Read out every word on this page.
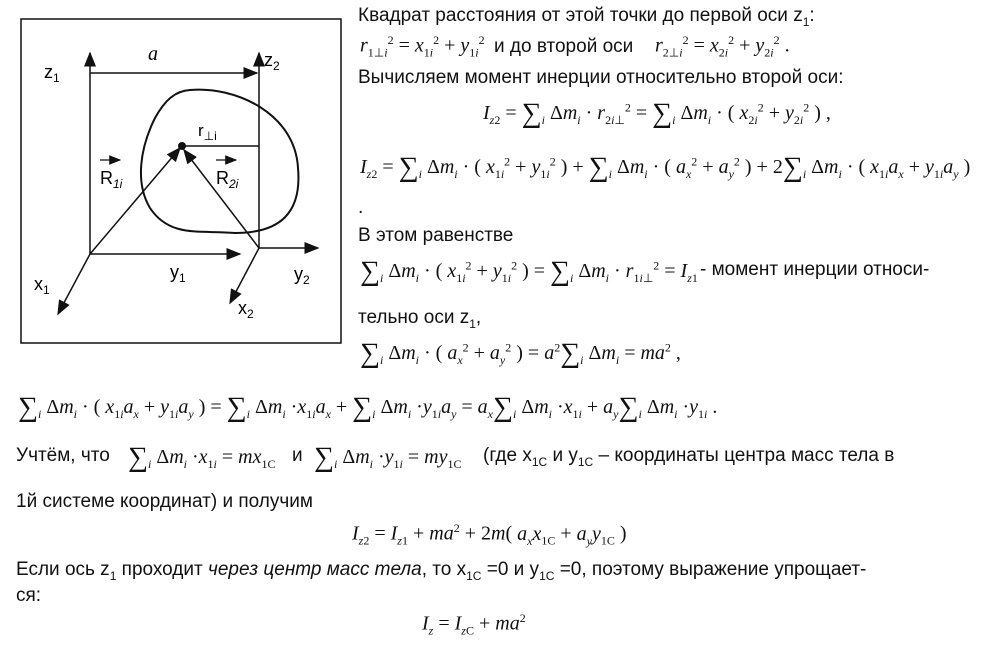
$z_1$
$z_2$
a
$r_{\perp i}$
$R_{1i}$	$R_{2i}$
$x_1$
$y_1$
$x_2$
$y_2$
Квадрат расстояния от этой точки до первой оси $z_1$:
$r_{1\perp i}^2 = x_{1i}^2 + y_{1i}^2$ и до второй оси $r_{2\perp i}^2 = x_{2i}^2 + y_{2i}^2$ .
Вычисляем момент инерции относительно второй оси:
$I_{z2} = \sum_i$ $\Delta m_i \cdot r_{2i\perp}^2 = \sum_i$ $\Delta m_i$ · ( $x_{2i}^2 + y_{2i}^2$ ) ,
$I_{z2} = \sum_i$ $\Delta m_i$ · ( $x_{1i}^2 + y_{1i}^2$ ) + $\sum_i$ $\Delta m_i$ · ( $a_x^2 + a_y^2$ ) + $2\sum_i$ $\Delta m_i$ · ( $x_{1i}a_x + y_{1i}a_y$ )
.
В этом равенстве
$\sum_i$ $\Delta m_i$ · ( $x_{1i}^2 + y_{1i}^2$ ) = $\sum_i$ $\Delta m_i \cdot r_{1i\perp}^2 = I_{z1}$ - момент инерции относи-
тельно оси $z_1$,
$\sum_i$ $\Delta m_i$ · ( $a_x^2 + a_y^2$ ) = $a^2\sum_i$ $\Delta m_i = ma^2$ ,
$\sum_i$ $\Delta m_i$ · ( $x_{1i}a_x + y_{1i}a_y$ ) = $\sum_i$ $\Delta m_i \cdot x_{1i}a_x + \sum_i$ $\Delta m_i \cdot y_{1i}a_y = a_x\sum_i$ $\Delta m_i \cdot x_{1i} + a_y\sum_i$ $\Delta m_i \cdot y_{1i}$ .
Учтём, что $\sum_i$ $\Delta m_i \cdot x_{1i} = mx_{1C}$ и $\sum_i$ $\Delta m_i \cdot y_{1i} = my_{1C}$ (где $x_{1C}$ и $y_{1C}$ – координаты центра масс тела в
1й системе координат) и получим
$I_{z2} = I_{z1} + ma^2 + 2m$( $a_xx_{1C} + a_yy_{1C}$ )
Если ось $z_1$ проходит через центр масс тела, то $x_{1C} =0$ и $y_{1C} =0$, поэтому выражение упрощает-
ся:
$I_z = I_{zC} + ma^2$
